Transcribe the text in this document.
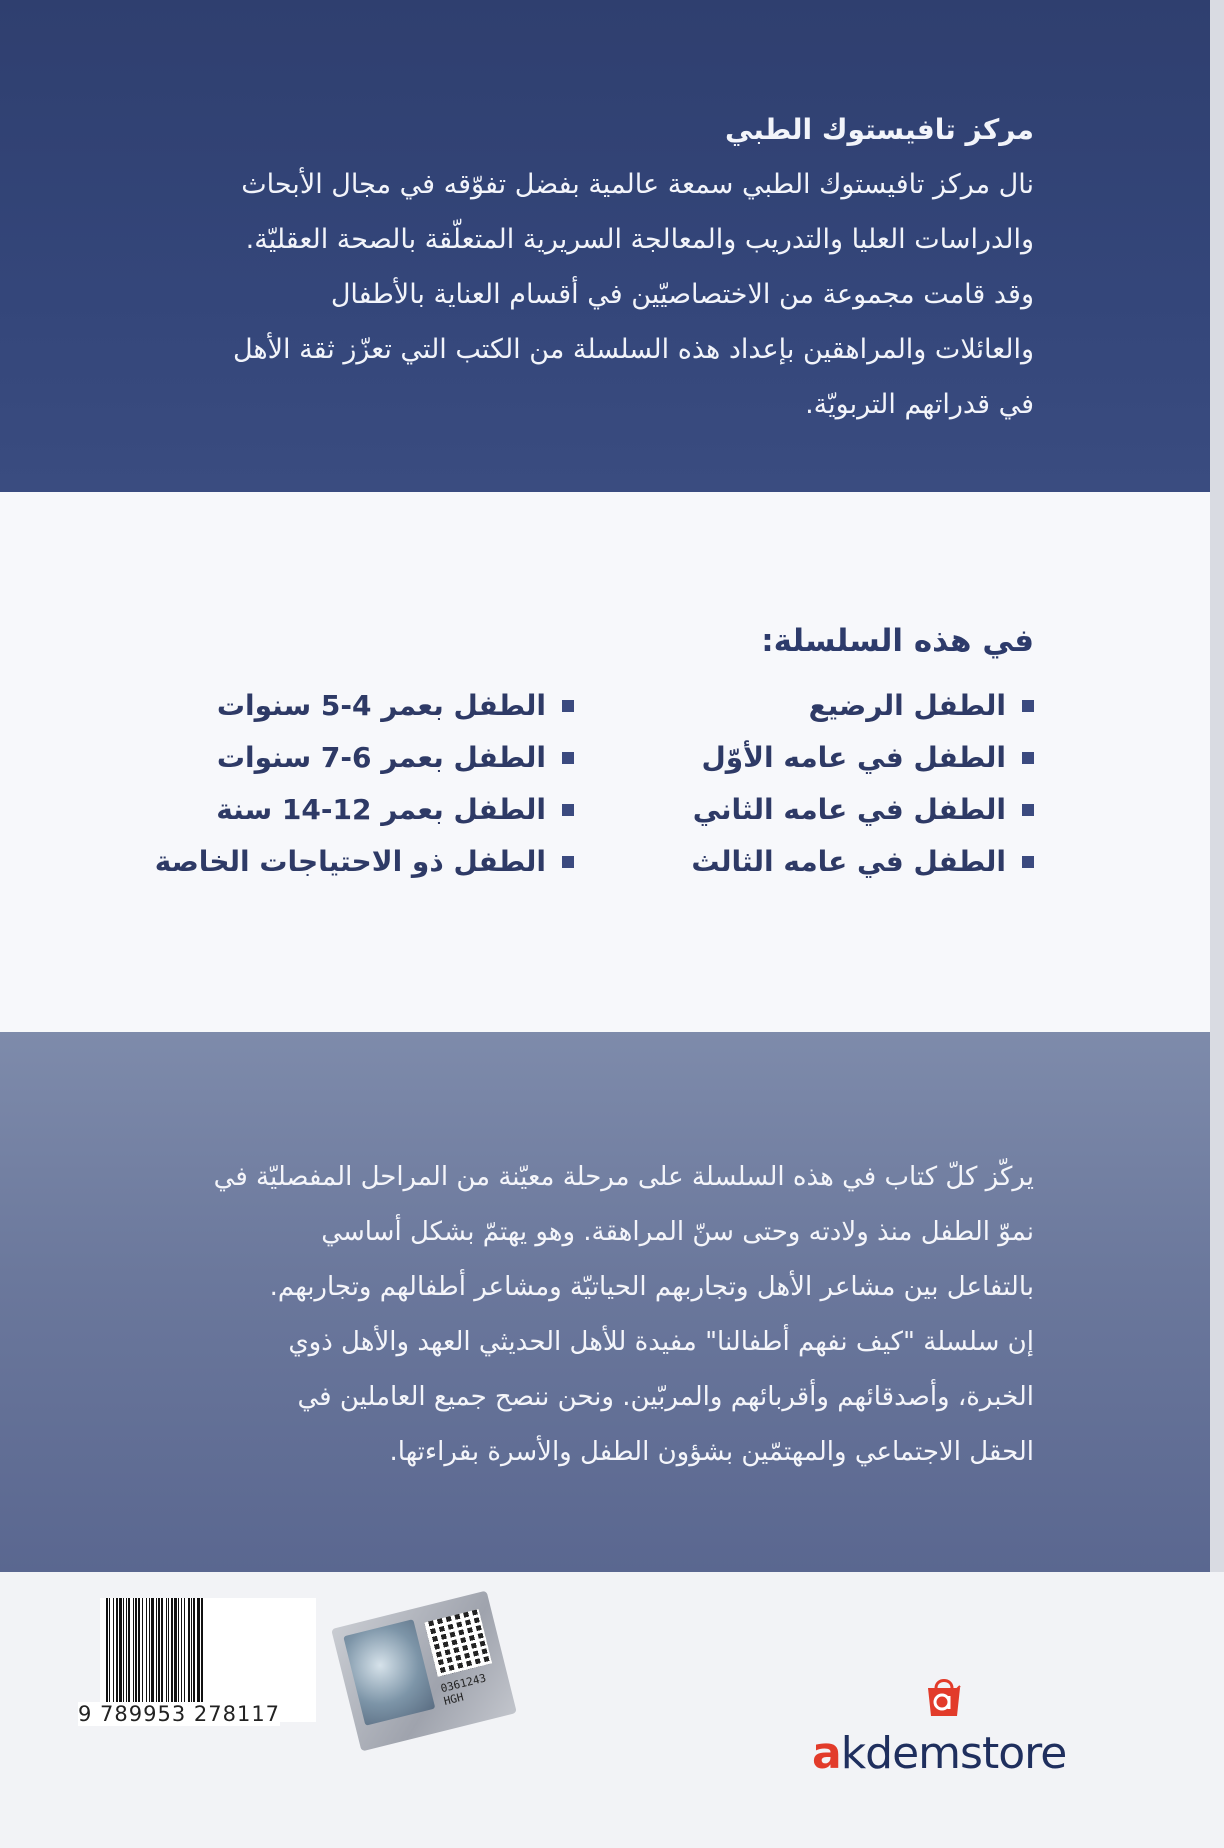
مركز تافيستوك الطبي
نال مركز تافيستوك الطبي سمعة عالمية بفضل تفوّقه في مجال الأبحاث
والدراسات العليا والتدريب والمعالجة السريرية المتعلّقة بالصحة العقليّة.
وقد قامت مجموعة من الاختصاصيّين في أقسام العناية بالأطفال
والعائلات والمراهقين بإعداد هذه السلسلة من الكتب التي تعزّز ثقة الأهل
في قدراتهم التربويّة.
في هذه السلسلة:
الطفل الرضيع
الطفل في عامه الأوّل
الطفل في عامه الثاني
الطفل في عامه الثالث
الطفل بعمر 4-5 سنوات
الطفل بعمر 6-7 سنوات
الطفل بعمر 12-14 سنة
الطفل ذو الاحتياجات الخاصة
يركّز كلّ كتاب في هذه السلسلة على مرحلة معيّنة من المراحل المفصليّة في
نموّ الطفل منذ ولادته وحتى سنّ المراهقة. وهو يهتمّ بشكل أساسي
بالتفاعل بين مشاعر الأهل وتجاربهم الحياتيّة ومشاعر أطفالهم وتجاربهم.
إن سلسلة "كيف نفهم أطفالنا" مفيدة للأهل الحديثي العهد والأهل ذوي
الخبرة، وأصدقائهم وأقربائهم والمربّين. ونحن ننصح جميع العاملين في
الحقل الاجتماعي والمهتمّين بشؤون الطفل والأسرة بقراءتها.
9 789953 278117
0361243
HGH
akdemstore
